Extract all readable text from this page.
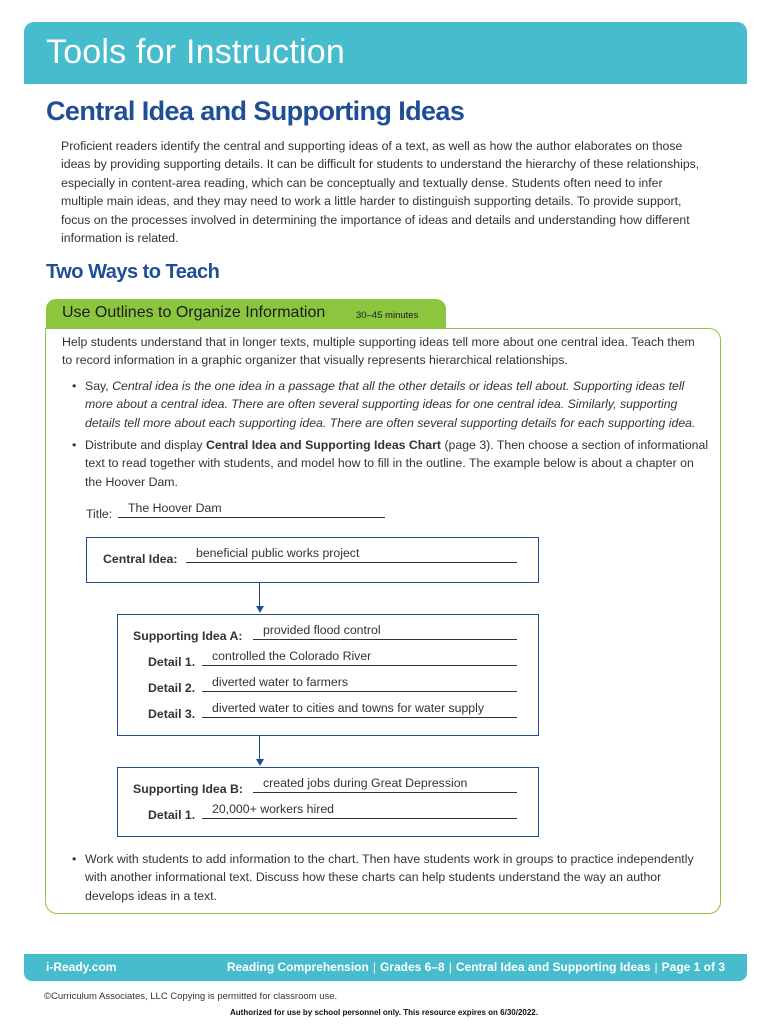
Tools for Instruction
Central Idea and Supporting Ideas

Proficient readers identify the central and supporting ideas of a text, as well as how the author elaborates on those ideas by providing supporting details. It can be difficult for students to understand the hierarchy of these relationships, especially in content-area reading, which can be conceptually and textually dense. Students often need to infer multiple main ideas, and they may need to work a little harder to distinguish supporting details. To provide support, focus on the processes involved in determining the importance of ideas and details and understanding how different information is related.

Two Ways to Teach
Use Outlines to Organize Information	30–45 minutes

Help students understand that in longer texts, multiple supporting ideas tell more about one central idea. Teach them to record information in a graphic organizer that visually represents hierarchical relationships.

• Say, Central idea is the one idea in a passage that all the other details or ideas tell about. Supporting ideas tell more about a central idea. There are often several supporting ideas for one central idea. Similarly, supporting details tell more about each supporting idea. There are often several supporting details for each supporting idea.
• Distribute and display Central Idea and Supporting Ideas Chart (page 3). Then choose a section of informational text to read together with students, and model how to fill in the outline. The example below is about a chapter on the Hoover Dam.
Title:	The Hoover Dam
Central Idea:	beneficial public works project
Supporting Idea A:	provided flood control
Detail 1.	controlled the Colorado River
Detail 2.	diverted water to farmers
Detail 3.	diverted water to cities and towns for water supply
Supporting Idea B:	created jobs during Great Depression
Detail 1.	20,000+ workers hired
• Work with students to add information to the chart. Then have students work in groups to practice independently with another informational text. Discuss how these charts can help students understand the way an author develops ideas in a text.
i-Ready.com	Reading Comprehension | Grades 6–8 | Central Idea and Supporting Ideas | Page 1 of 3
©Curriculum Associates, LLC Copying is permitted for classroom use.
Authorized for use by school personnel only. This resource expires on 6/30/2022.
